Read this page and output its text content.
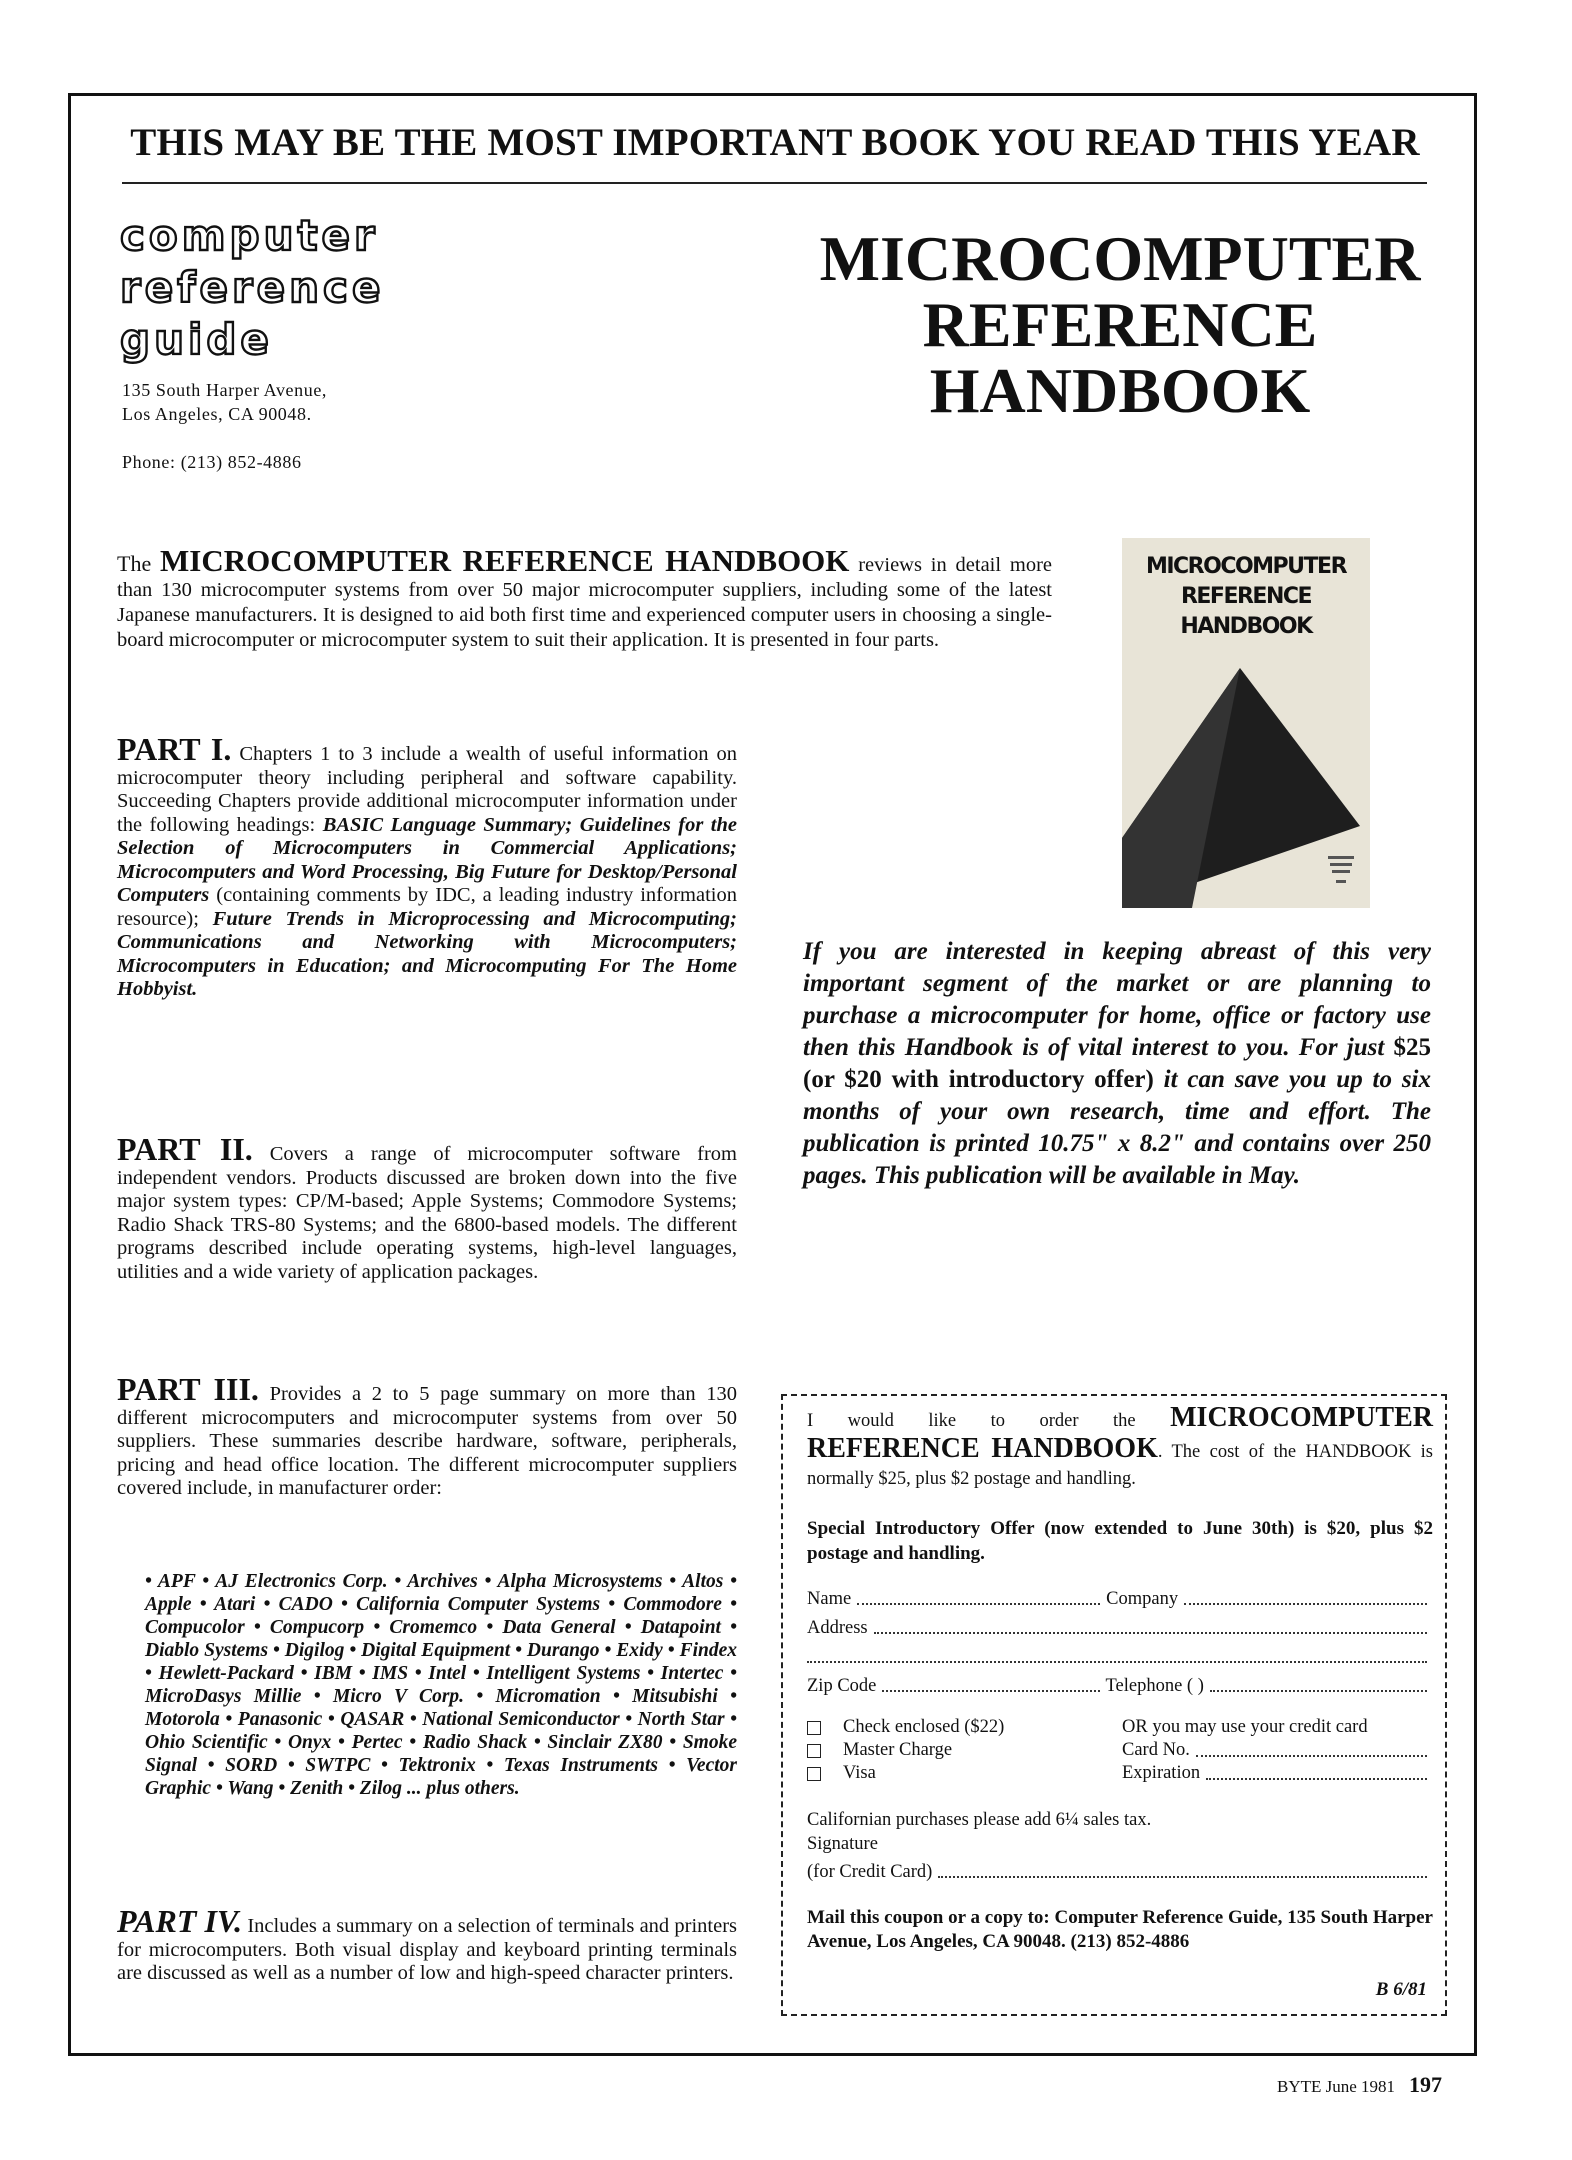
THIS MAY BE THE MOST IMPORTANT BOOK YOU READ THIS YEAR
computer
reference
guide
135 South Harper Avenue,
Los Angeles, CA 90048.
Phone: (213) 852-4886
MICROCOMPUTER
REFERENCE
HANDBOOK
The MICROCOMPUTER REFERENCE HANDBOOK reviews in detail more than 130 microcomputer systems from over 50 major microcomputer suppliers, including some of the latest Japanese manufacturers. It is designed to aid both first time and experienced computer users in choosing a single-board microcomputer or microcomputer system to suit their application. It is presented in four parts.
MICROCOMPUTER
REFERENCE
HANDBOOK
PART I. Chapters 1 to 3 include a wealth of useful information on microcomputer theory including peripheral and software capability. Succeeding Chapters provide additional microcomputer information under the following headings: BASIC Language Summary; Guidelines for the Selection of Microcomputers in Commercial Applications; Microcomputers and Word Processing, Big Future for Desktop/Personal Computers (containing comments by IDC, a leading industry information resource); Future Trends in Microprocessing and Microcomputing; Communications and Networking with Microcomputers; Microcomputers in Education; and Microcomputing For The Home Hobbyist.
PART II. Covers a range of microcomputer software from independent vendors. Products discussed are broken down into the five major system types: CP/M-based; Apple Systems; Commodore Systems; Radio Shack TRS-80 Systems; and the 6800-based models. The different programs described include operating systems, high-level languages, utilities and a wide variety of application packages.
PART III. Provides a 2 to 5 page summary on more than 130 different microcomputers and microcomputer systems from over 50 suppliers. These summaries describe hardware, software, peripherals, pricing and head office location. The different microcomputer suppliers covered include, in manufacturer order:
• APF • AJ Electronics Corp. • Archives • Alpha Microsystems • Altos • Apple • Atari • CADO • California Computer Systems • Commodore • Compucolor • Compucorp • Cromemco • Data General • Datapoint • Diablo Systems • Digilog • Digital Equipment • Durango • Exidy • Findex • Hewlett-Packard • IBM • IMS • Intel • Intelligent Systems • Intertec • MicroDasys Millie • Micro V Corp. • Micromation • Mitsubishi • Motorola • Panasonic • QASAR • National Semiconductor • North Star • Ohio Scientific • Onyx • Pertec • Radio Shack • Sinclair ZX80 • Smoke Signal • SORD • SWTPC • Tektronix • Texas Instruments • Vector Graphic • Wang • Zenith • Zilog ... plus others.
PART IV. Includes a summary on a selection of terminals and printers for microcomputers. Both visual display and keyboard printing terminals are discussed as well as a number of low and high-speed character printers.
If you are interested in keeping abreast of this very important segment of the market or are planning to purchase a microcomputer for home, office or factory use then this Handbook is of vital interest to you. For just $25 (or $20 with introductory offer) it can save you up to six months of your own research, time and effort. The publication is printed 10.75" x 8.2" and contains over 250 pages. This publication will be available in May.
I would like to order the MICROCOMPUTER REFERENCE HANDBOOK. The cost of the HANDBOOK is normally $25, plus $2 postage and handling.
Special Introductory Offer (now extended to June 30th) is $20, plus $2 postage and handling.
Name	Company
Address
Zip Code	Telephone ( )
Check enclosed ($22)
Master Charge
Visa
OR you may use your credit card
Card No.
Expiration
Californian purchases please add 6¼ sales tax.
Signature
(for Credit Card)
Mail this coupon or a copy to: Computer Reference Guide, 135 South Harper Avenue, Los Angeles, CA 90048. (213) 852-4886
B 6/81
BYTE June 1981 197
